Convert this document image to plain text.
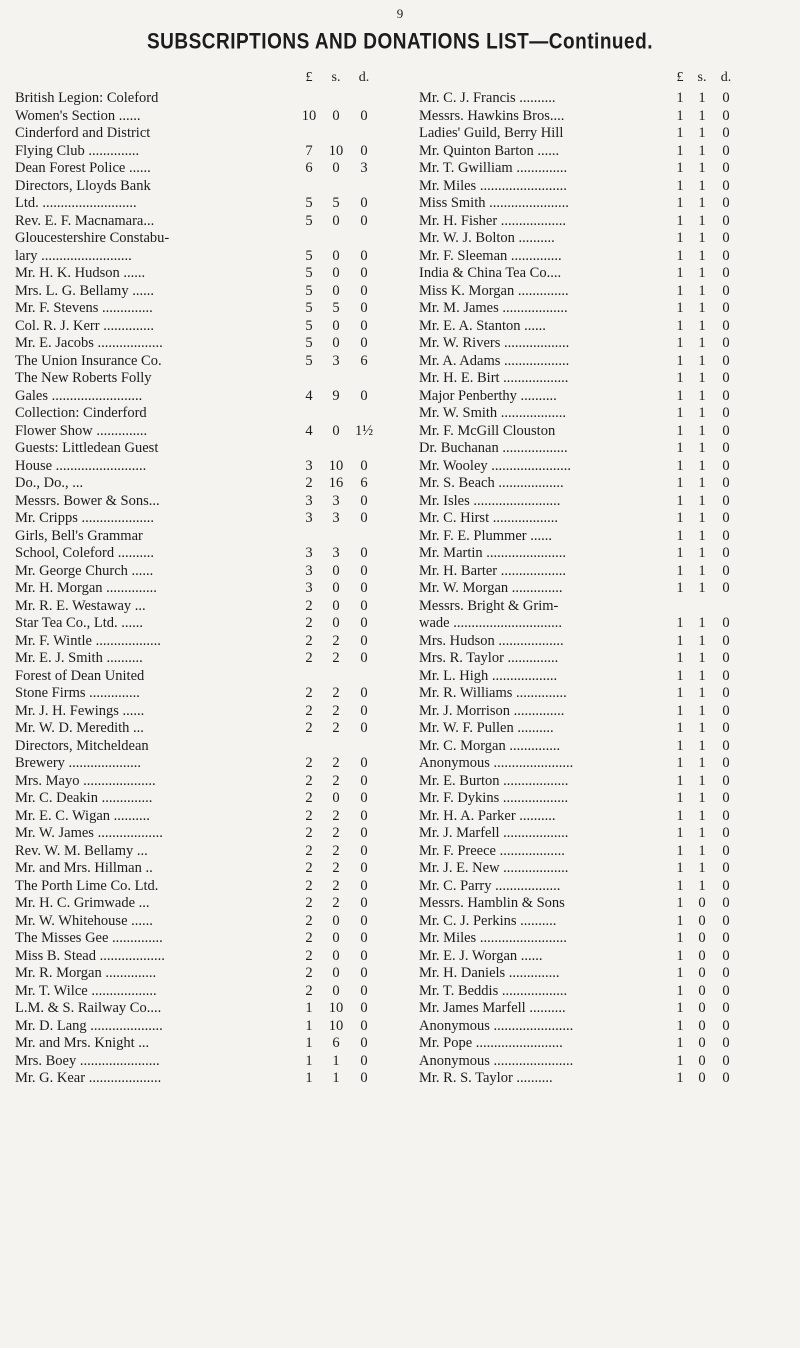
9
SUBSCRIPTIONS AND DONATIONS LIST—Continued.
£	s.	d.
British Legion: Coleford
Women's Section ......	10	0	0
Cinderford and District
Flying Club ..............	7	10	0
Dean Forest Police ......	6	0	3
Directors, Lloyds Bank
Ltd. ..........................	5	5	0
Rev. E. F. Macnamara...	5	0	0
Gloucestershire Constabu-
lary .........................	5	0	0
Mr. H. K. Hudson ......	5	0	0
Mrs. L. G. Bellamy ......	5	0	0
Mr. F. Stevens ..............	5	5	0
Col. R. J. Kerr ..............	5	0	0
Mr. E. Jacobs ..................	5	0	0
The Union Insurance Co.	5	3	6
The New Roberts Folly
Gales .........................	4	9	0
Collection: Cinderford
Flower Show ..............	4	0	1½
Guests: Littledean Guest
House .........................	3	10	0
Do., Do., ...	2	16	6
Messrs. Bower & Sons...	3	3	0
Mr. Cripps ....................	3	3	0
Girls, Bell's Grammar
School, Coleford ..........	3	3	0
Mr. George Church ......	3	0	0
Mr. H. Morgan ..............	3	0	0
Mr. R. E. Westaway ...	2	0	0
Star Tea Co., Ltd. ......	2	0	0
Mr. F. Wintle ..................	2	2	0
Mr. E. J. Smith ..........	2	2	0
Forest of Dean United
Stone Firms ..............	2	2	0
Mr. J. H. Fewings ......	2	2	0
Mr. W. D. Meredith ...	2	2	0
Directors, Mitcheldean
Brewery ....................	2	2	0
Mrs. Mayo ....................	2	2	0
Mr. C. Deakin ..............	2	0	0
Mr. E. C. Wigan ..........	2	2	0
Mr. W. James ..................	2	2	0
Rev. W. M. Bellamy ...	2	2	0
Mr. and Mrs. Hillman ..	2	2	0
The Porth Lime Co. Ltd.	2	2	0
Mr. H. C. Grimwade ...	2	2	0
Mr. W. Whitehouse ......	2	0	0
The Misses Gee ..............	2	0	0
Miss B. Stead ..................	2	0	0
Mr. R. Morgan ..............	2	0	0
Mr. T. Wilce ..................	2	0	0
L.M. & S. Railway Co....	1	10	0
Mr. D. Lang ....................	1	10	0
Mr. and Mrs. Knight ...	1	6	0
Mrs. Boey ......................	1	1	0
Mr. G. Kear ....................	1	1	0
£	s.	d.
Mr. C. J. Francis ..........	1	1	0
Messrs. Hawkins Bros....	1	1	0
Ladies' Guild, Berry Hill	1	1	0
Mr. Quinton Barton ......	1	1	0
Mr. T. Gwilliam ..............	1	1	0
Mr. Miles ........................	1	1	0
Miss Smith ......................	1	1	0
Mr. H. Fisher ..................	1	1	0
Mr. W. J. Bolton ..........	1	1	0
Mr. F. Sleeman ..............	1	1	0
India & China Tea Co....	1	1	0
Miss K. Morgan ..............	1	1	0
Mr. M. James ..................	1	1	0
Mr. E. A. Stanton ......	1	1	0
Mr. W. Rivers ..................	1	1	0
Mr. A. Adams ..................	1	1	0
Mr. H. E. Birt ..................	1	1	0
Major Penberthy ..........	1	1	0
Mr. W. Smith ..................	1	1	0
Mr. F. McGill Clouston	1	1	0
Dr. Buchanan ..................	1	1	0
Mr. Wooley ......................	1	1	0
Mr. S. Beach ..................	1	1	0
Mr. Isles ........................	1	1	0
Mr. C. Hirst ..................	1	1	0
Mr. F. E. Plummer ......	1	1	0
Mr. Martin ......................	1	1	0
Mr. H. Barter ..................	1	1	0
Mr. W. Morgan ..............	1	1	0
Messrs. Bright & Grim-
wade ..............................	1	1	0
Mrs. Hudson ..................	1	1	0
Mrs. R. Taylor ..............	1	1	0
Mr. L. High ..................	1	1	0
Mr. R. Williams ..............	1	1	0
Mr. J. Morrison ..............	1	1	0
Mr. W. F. Pullen ..........	1	1	0
Mr. C. Morgan ..............	1	1	0
Anonymous ......................	1	1	0
Mr. E. Burton ..................	1	1	0
Mr. F. Dykins ..................	1	1	0
Mr. H. A. Parker ..........	1	1	0
Mr. J. Marfell ..................	1	1	0
Mr. F. Preece ..................	1	1	0
Mr. J. E. New ..................	1	1	0
Mr. C. Parry ..................	1	1	0
Messrs. Hamblin & Sons	1	0	0
Mr. C. J. Perkins ..........	1	0	0
Mr. Miles ........................	1	0	0
Mr. E. J. Worgan ......	1	0	0
Mr. H. Daniels ..............	1	0	0
Mr. T. Beddis ..................	1	0	0
Mr. James Marfell ..........	1	0	0
Anonymous ......................	1	0	0
Mr. Pope ........................	1	0	0
Anonymous ......................	1	0	0
Mr. R. S. Taylor ..........	1	0	0
